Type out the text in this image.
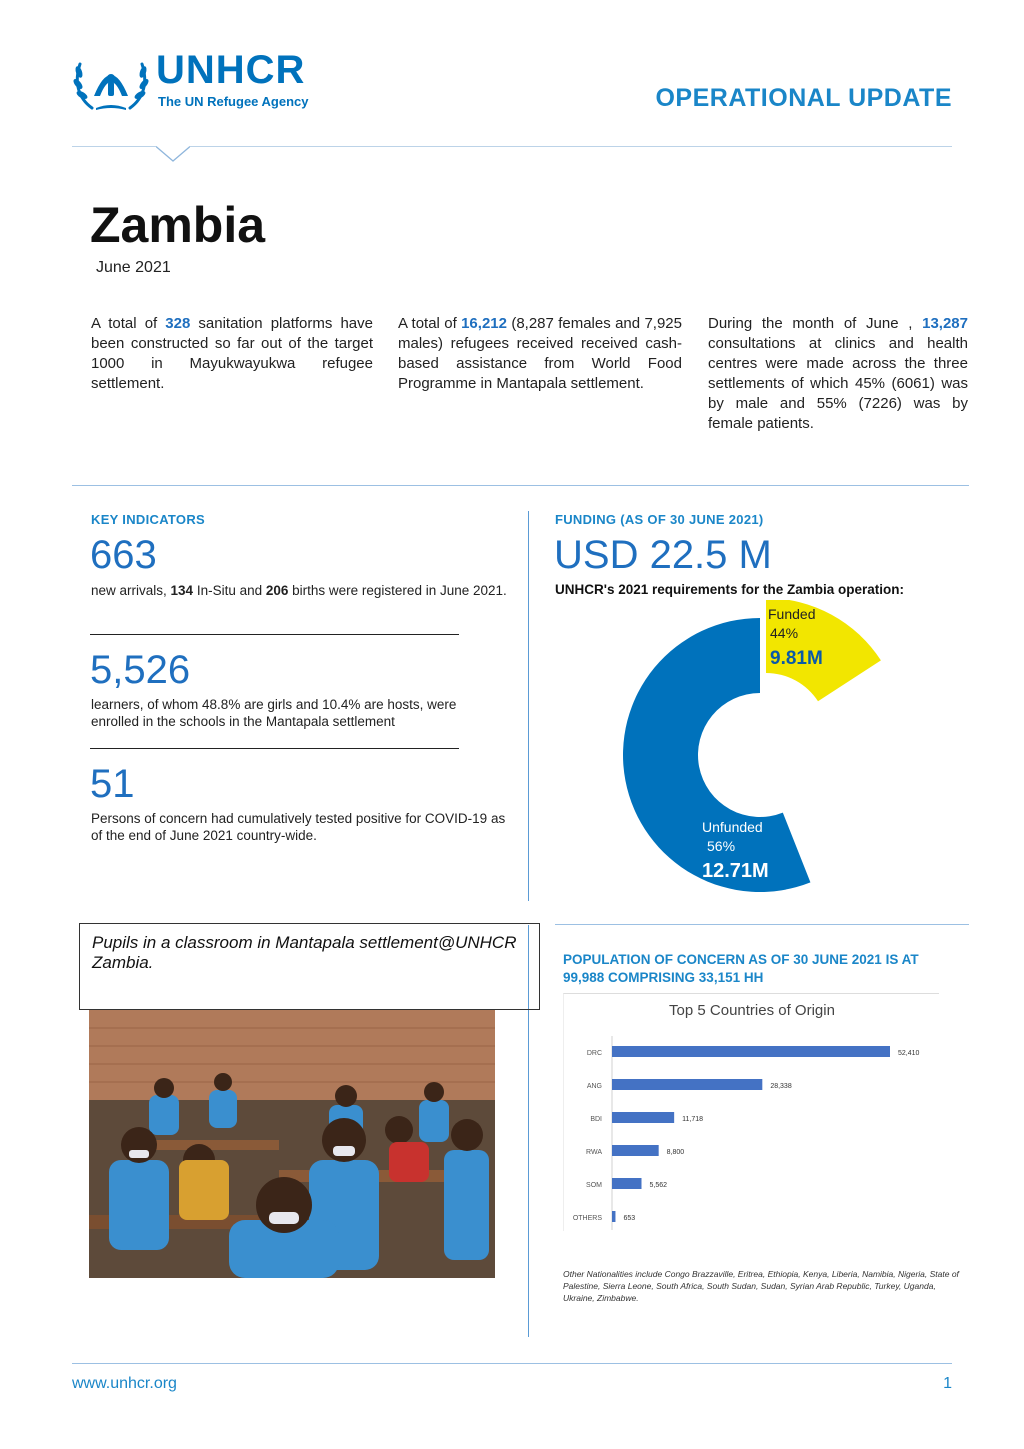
UNHCR
The UN Refugee Agency	OPERATIONAL UPDATE
Zambia
June 2021

A total of 328 sanitation platforms have been constructed so far out of the target 1000 in Mayukwayukwa refugee settlement.

A total of 16,212 (8,287 females and 7,925 males) refugees received received cash-based assistance from World Food Programme in Mantapala settlement.

During the month of June , 13,287 consultations at clinics and health centres were made across the three settlements of which 45% (6061) was by male and 55% (7226) was by female patients.

KEY INDICATORS
663

new arrivals, 134 In-Situ and 206 births were registered in June 2021.

5,526

learners, of whom 48.8% are girls and 10.4% are hosts, were enrolled in the schools in the Mantapala settlement

51

Persons of concern had cumulatively tested positive for COVID-19 as of the end of June 2021 country-wide.

FUNDING (AS OF 30 JUNE 2021)
USD 22.5 M
UNHCR's 2021 requirements for the Zambia operation:
Funded
44%
9.81M
Unfunded
56%
12.71M
Pupils in a classroom in Mantapala settlement@UNHCR Zambia.	POPULATION OF CONCERN AS OF 30 JUNE 2021 IS AT 99,988 COMPRISING 33,151 HH
Top 5 Countries of Origin
DRC	52,410
ANG	28,338
BDI	11,718
RWA	8,800
SOM	5,562
OTHERS	653
Other Nationalities include Congo Brazzaville, Eritrea, Ethiopia, Kenya, Liberia, Namibia, Nigeria, State of Palestine, Sierra Leone, South Africa, South Sudan, Sudan, Syrian Arab Republic, Turkey, Uganda, Ukraine, Zimbabwe.
www.unhcr.org	1
